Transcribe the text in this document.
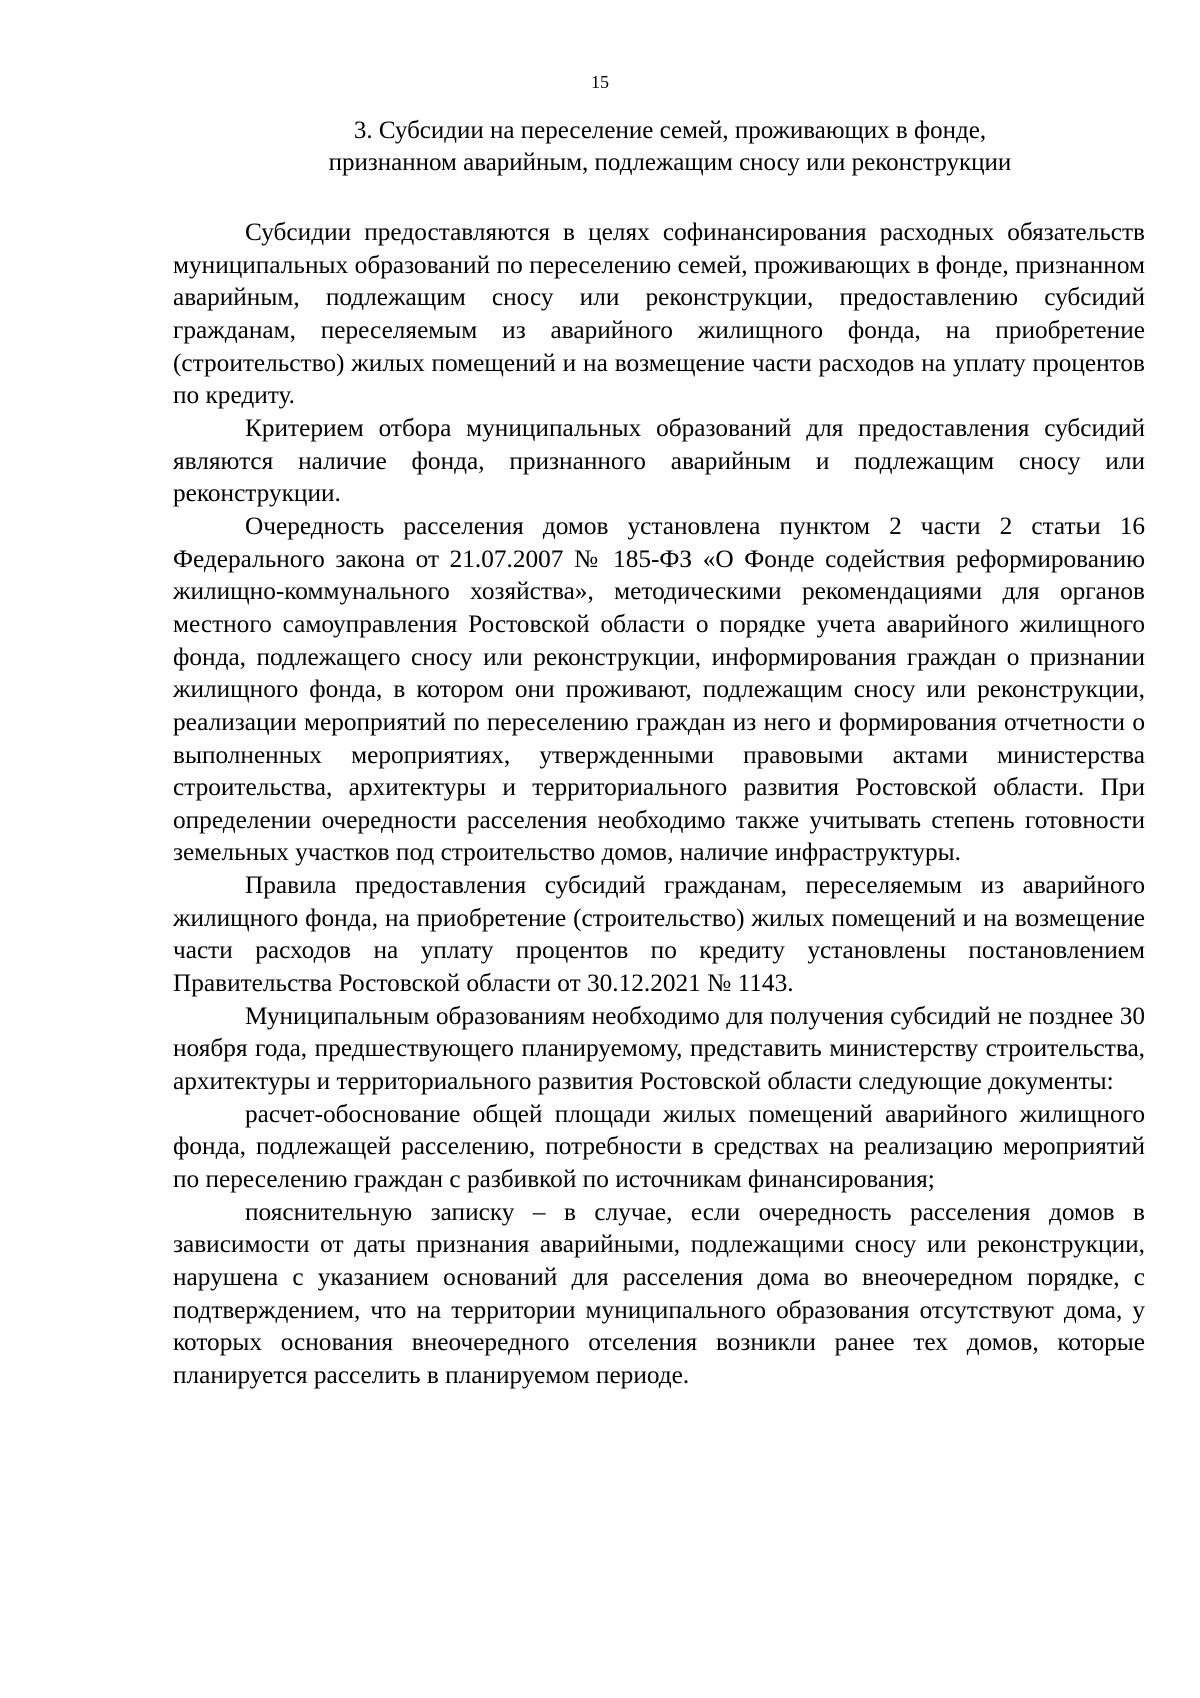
15
3. Субсидии на переселение семей, проживающих в фонде,
признанном аварийным, подлежащим сносу или реконструкции

Субсидии предоставляются в целях софинансирования расходных обязательств муниципальных образований по переселению семей, проживающих в фонде, признанном аварийным, подлежащим сносу или реконструкции, предоставлению субсидий гражданам, переселяемым из аварийного жилищного фонда, на приобретение (строительство) жилых помещений и на возмещение части расходов на уплату процентов по кредиту.

Критерием отбора муниципальных образований для предоставления субсидий являются наличие фонда, признанного аварийным и подлежащим сносу или реконструкции.

Очередность расселения домов установлена пунктом 2 части 2 статьи 16 Федерального закона от 21.07.2007 № 185-ФЗ «О Фонде содействия реформированию жилищно-коммунального хозяйства», методическими рекомендациями для органов местного самоуправления Ростовской области о порядке учета аварийного жилищного фонда, подлежащего сносу или реконструкции, информирования граждан о признании жилищного фонда, в котором они проживают, подлежащим сносу или реконструкции, реализации мероприятий по переселению граждан из него и формирования отчетности о выполненных мероприятиях, утвержденными правовыми актами министерства строительства, архитектуры и территориального развития Ростовской области. При определении очередности расселения необходимо также учитывать степень готовности земельных участков под строительство домов, наличие инфраструктуры.

Правила предоставления субсидий гражданам, переселяемым из аварийного жилищного фонда, на приобретение (строительство) жилых помещений и на возмещение части расходов на уплату процентов по кредиту установлены постановлением Правительства Ростовской области от 30.12.2021 № 1143.

Муниципальным образованиям необходимо для получения субсидий не позднее 30 ноября года, предшествующего планируемому, представить министерству строительства, архитектуры и территориального развития Ростовской области следующие документы:

расчет-обоснование общей площади жилых помещений аварийного жилищного фонда, подлежащей расселению, потребности в средствах на реализацию мероприятий по переселению граждан с разбивкой по источникам финансирования;

пояснительную записку – в случае, если очередность расселения домов в зависимости от даты признания аварийными, подлежащими сносу или реконструкции, нарушена с указанием оснований для расселения дома во внеочередном порядке, с подтверждением, что на территории муниципального образования отсутствуют дома, у которых основания внеочередного отселения возникли ранее тех домов, которые планируется расселить в планируемом периоде.
